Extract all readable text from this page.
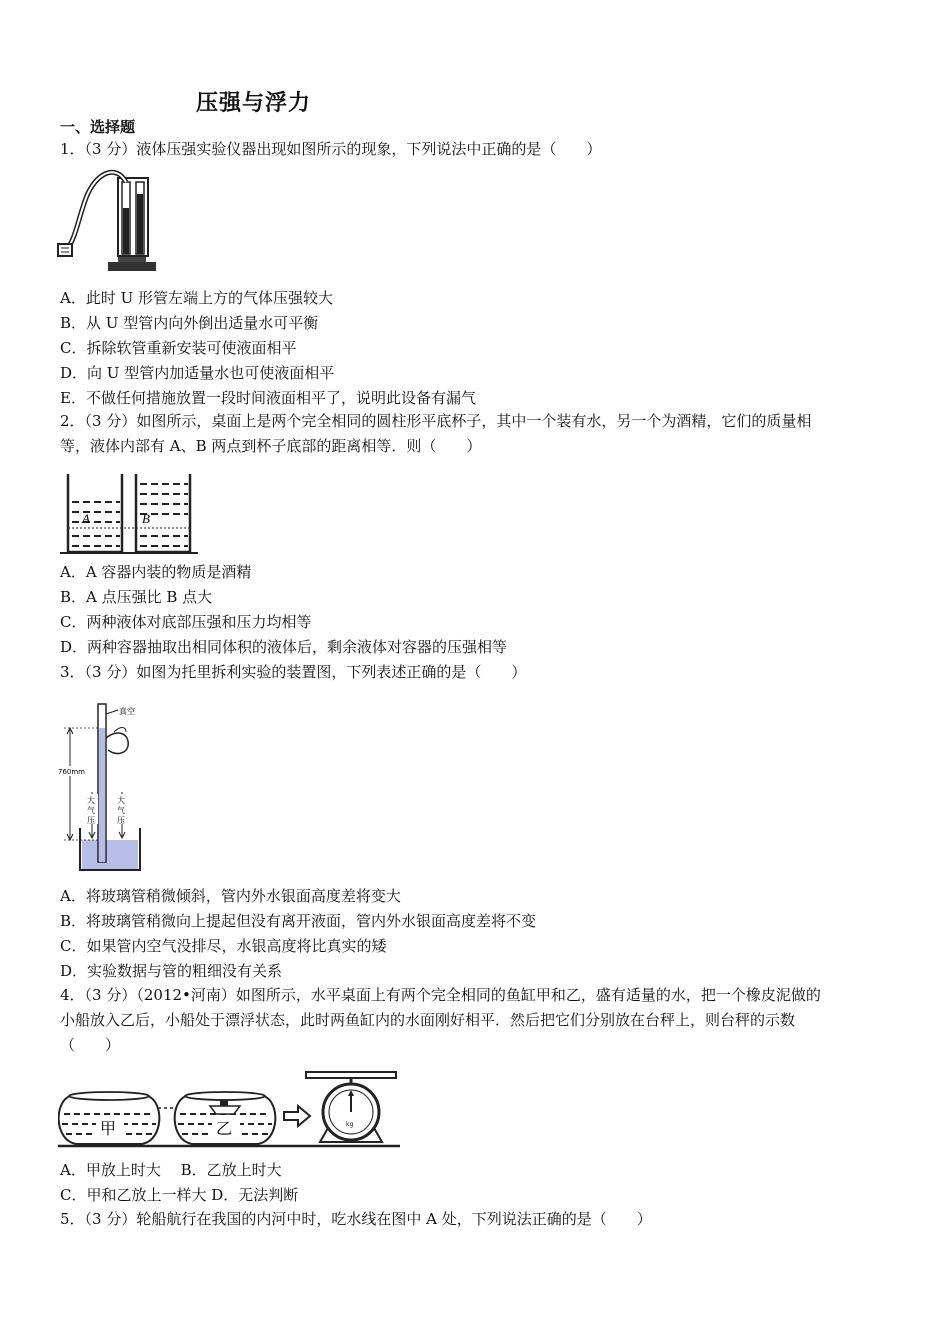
压强与浮力
一、选择题
1．（3 分）液体压强实验仪器出现如图所示的现象，下列说法中正确的是（　　）
A．此时 U 形管左端上方的气体压强较大
B．从 U 型管内向外倒出适量水可平衡
C．拆除软管重新安装可使液面相平
D．向 U 型管内加适量水也可使液面相平
E．不做任何措施放置一段时间液面相平了，说明此设备有漏气
2．（3 分）如图所示，桌面上是两个完全相同的圆柱形平底杯子，其中一个装有水，另一个为酒精，它们的质量相等，液体内部有 A、B 两点到杯子底部的距离相等．则（　　）
A	B
A．A 容器内装的物质是酒精
B．A 点压强比 B 点大
C．两种液体对底部压强和压力均相等
D．两种容器抽取出相同体积的液体后，剩余液体对容器的压强相等
3．（3 分）如图为托里拆利实验的装置图，下列表述正确的是（　　）
真空
760mm
大
气
压
大
气
压
A．将玻璃管稍微倾斜，管内外水银面高度差将变大
B．将玻璃管稍微向上提起但没有离开液面，管内外水银面高度差将不变
C．如果管内空气没排尽，水银高度将比真实的矮
D．实验数据与管的粗细没有关系
4．（3 分）（2012•河南）如图所示，水平桌面上有两个完全相同的鱼缸甲和乙，盛有适量的水，把一个橡皮泥做的小船放入乙后，小船处于漂浮状态，此时两鱼缸内的水面刚好相平．然后把它们分别放在台秤上，则台秤的示数（　　）
甲	乙	kg
A．甲放上时大　 B．乙放上时大
C．甲和乙放上一样大 D．无法判断
5．（3 分）轮船航行在我国的内河中时，吃水线在图中 A 处，下列说法正确的是（　　）
